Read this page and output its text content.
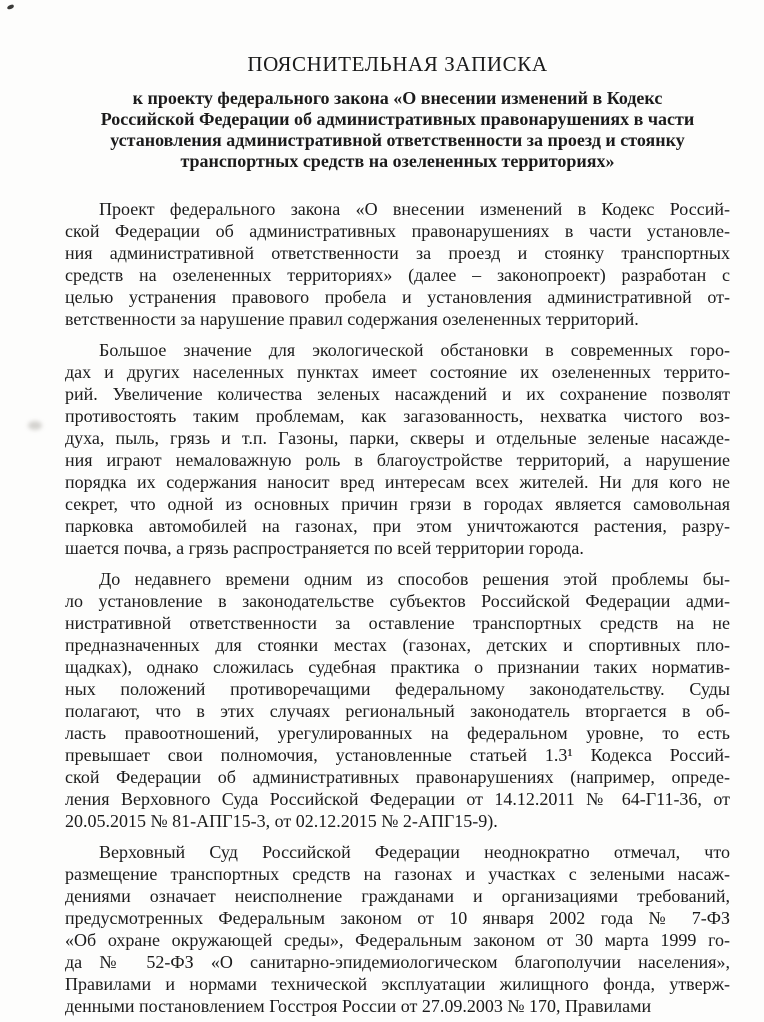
ПОЯСНИТЕЛЬНАЯ ЗАПИСКА
к проекту федерального закона «О внесении изменений в Кодекс
Российской Федерации об административных правонарушениях в части
установления административной ответственности за проезд и стоянку
транспортных средств на озелененных территориях»
Проект федерального закона «О внесении изменений в Кодекс Россий-
ской Федерации об административных правонарушениях в части установле-
ния административной ответственности за проезд и стоянку транспортных
средств на озелененных территориях» (далее – законопроект) разработан с
целью устранения правового пробела и установления административной от-
ветственности за нарушение правил содержания озелененных территорий.
Большое значение для экологической обстановки в современных горо-
дах и других населенных пунктах имеет состояние их озелененных террито-
рий. Увеличение количества зеленых насаждений и их сохранение позволят
противостоять таким проблемам, как загазованность, нехватка чистого воз-
духа, пыль, грязь и т.п. Газоны, парки, скверы и отдельные зеленые насажде-
ния играют немаловажную роль в благоустройстве территорий, а нарушение
порядка их содержания наносит вред интересам всех жителей. Ни для кого не
секрет, что одной из основных причин грязи в городах является самовольная
парковка автомобилей на газонах, при этом уничтожаются растения, разру-
шается почва, а грязь распространяется по всей территории города.
До недавнего времени одним из способов решения этой проблемы бы-
ло установление в законодательстве субъектов Российской Федерации адми-
нистративной ответственности за оставление транспортных средств на не
предназначенных для стоянки местах (газонах, детских и спортивных пло-
щадках), однако сложилась судебная практика о признании таких норматив-
ных положений противоречащими федеральному законодательству. Суды
полагают, что в этих случаях региональный законодатель вторгается в об-
ласть правоотношений, урегулированных на федеральном уровне, то есть
превышает свои полномочия, установленные статьей 1.3¹ Кодекса Россий-
ской Федерации об административных правонарушениях (например, опреде-
ления Верховного Суда Российской Федерации от 14.12.2011 № 64-Г11-36, от
20.05.2015 № 81-АПГ15-3, от 02.12.2015 № 2-АПГ15-9).
Верховный Суд Российской Федерации неоднократно отмечал, что
размещение транспортных средств на газонах и участках с зелеными насаж-
дениями означает неисполнение гражданами и организациями требований,
предусмотренных Федеральным законом от 10 января 2002 года № 7-ФЗ
«Об охране окружающей среды», Федеральным законом от 30 марта 1999 го-
да № 52-ФЗ «О санитарно-эпидемиологическом благополучии населения»,
Правилами и нормами технической эксплуатации жилищного фонда, утверж-
денными постановлением Госстроя России от 27.09.2003 № 170, Правилами
